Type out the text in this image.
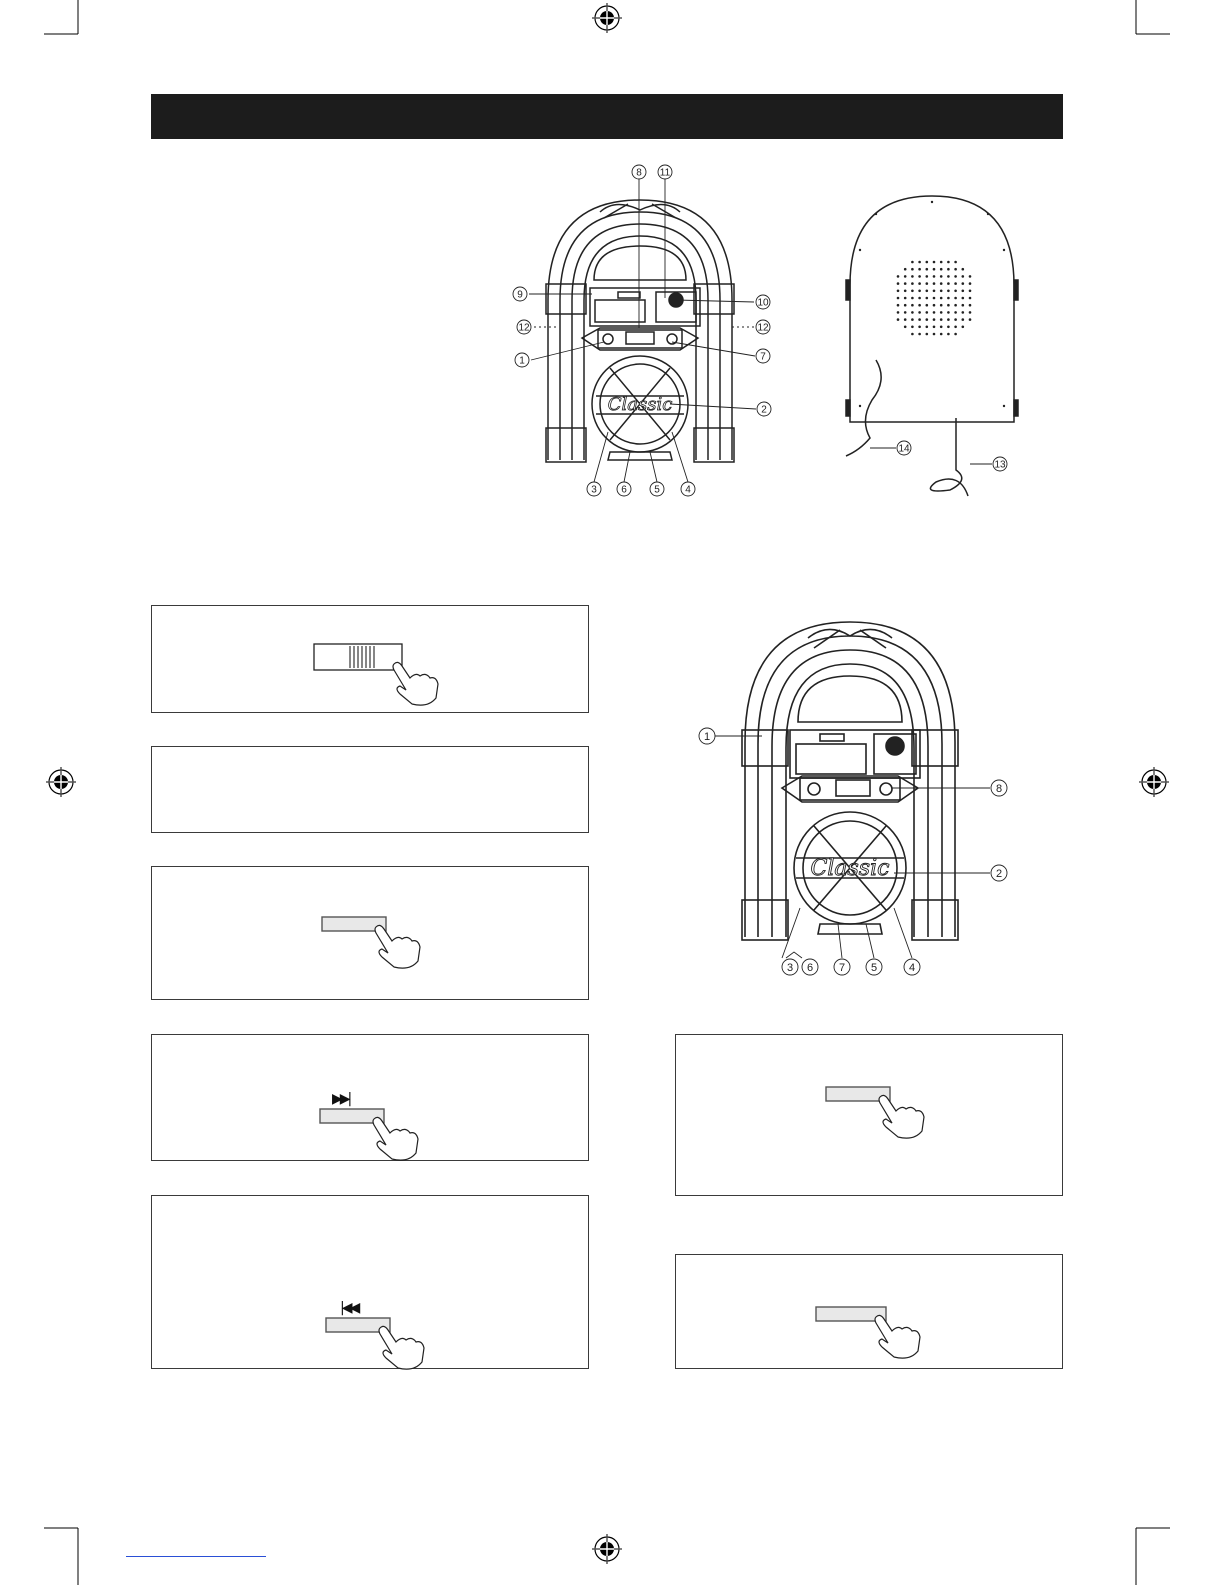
Classic
8 11
9
10
12	12
1	7
2
3 6	5	4
14
13
Classic
1
8
2
3 6 7 5	4
▶▶|
|◀◀
